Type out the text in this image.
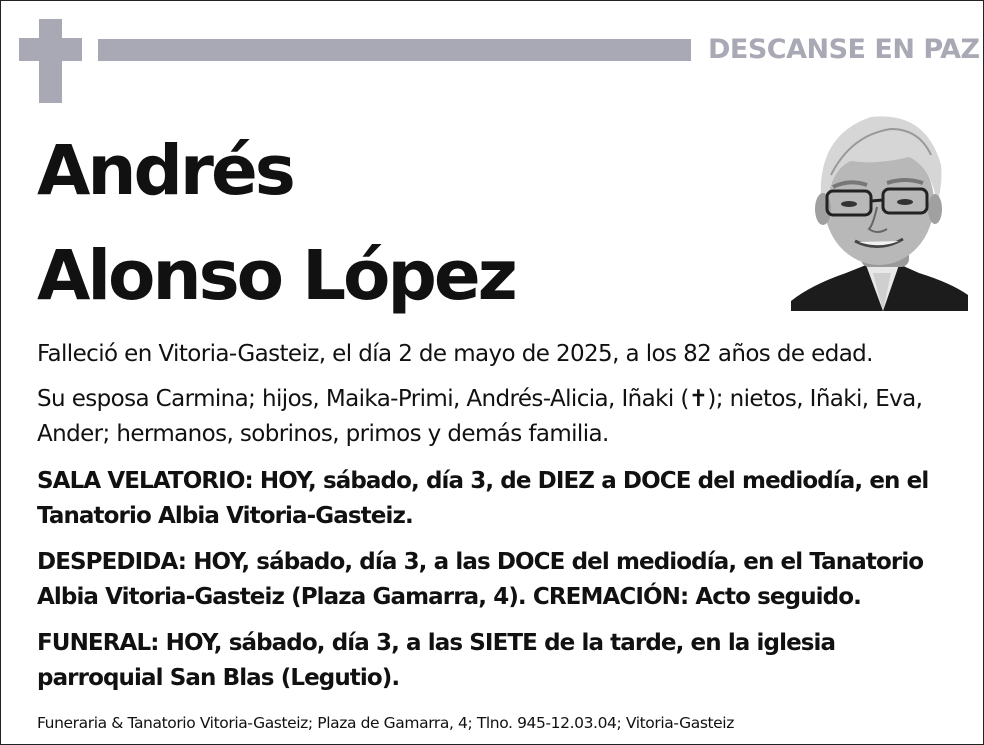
DESCANSE EN PAZ
Andrés
Alonso López
Falleció en Vitoria-Gasteiz, el día 2 de mayo de 2025, a los 82 años de edad.
Su esposa Carmina; hijos, Maika-Primi, Andrés-Alicia, Iñaki (✝); nietos, Iñaki, Eva, Ander; hermanos, sobrinos, primos y demás familia.
SALA VELATORIO: HOY, sábado, día 3, de DIEZ a DOCE del mediodía, en el Tanatorio Albia Vitoria-Gasteiz.
DESPEDIDA: HOY, sábado, día 3, a las DOCE del mediodía, en el Tanatorio Albia Vitoria-Gasteiz (Plaza Gamarra, 4). CREMACIÓN: Acto seguido.
FUNERAL: HOY, sábado, día 3, a las SIETE de la tarde, en la iglesia parroquial San Blas (Legutio).
Funeraria & Tanatorio Vitoria-Gasteiz; Plaza de Gamarra, 4; Tlno. 945-12.03.04; Vitoria-Gasteiz
